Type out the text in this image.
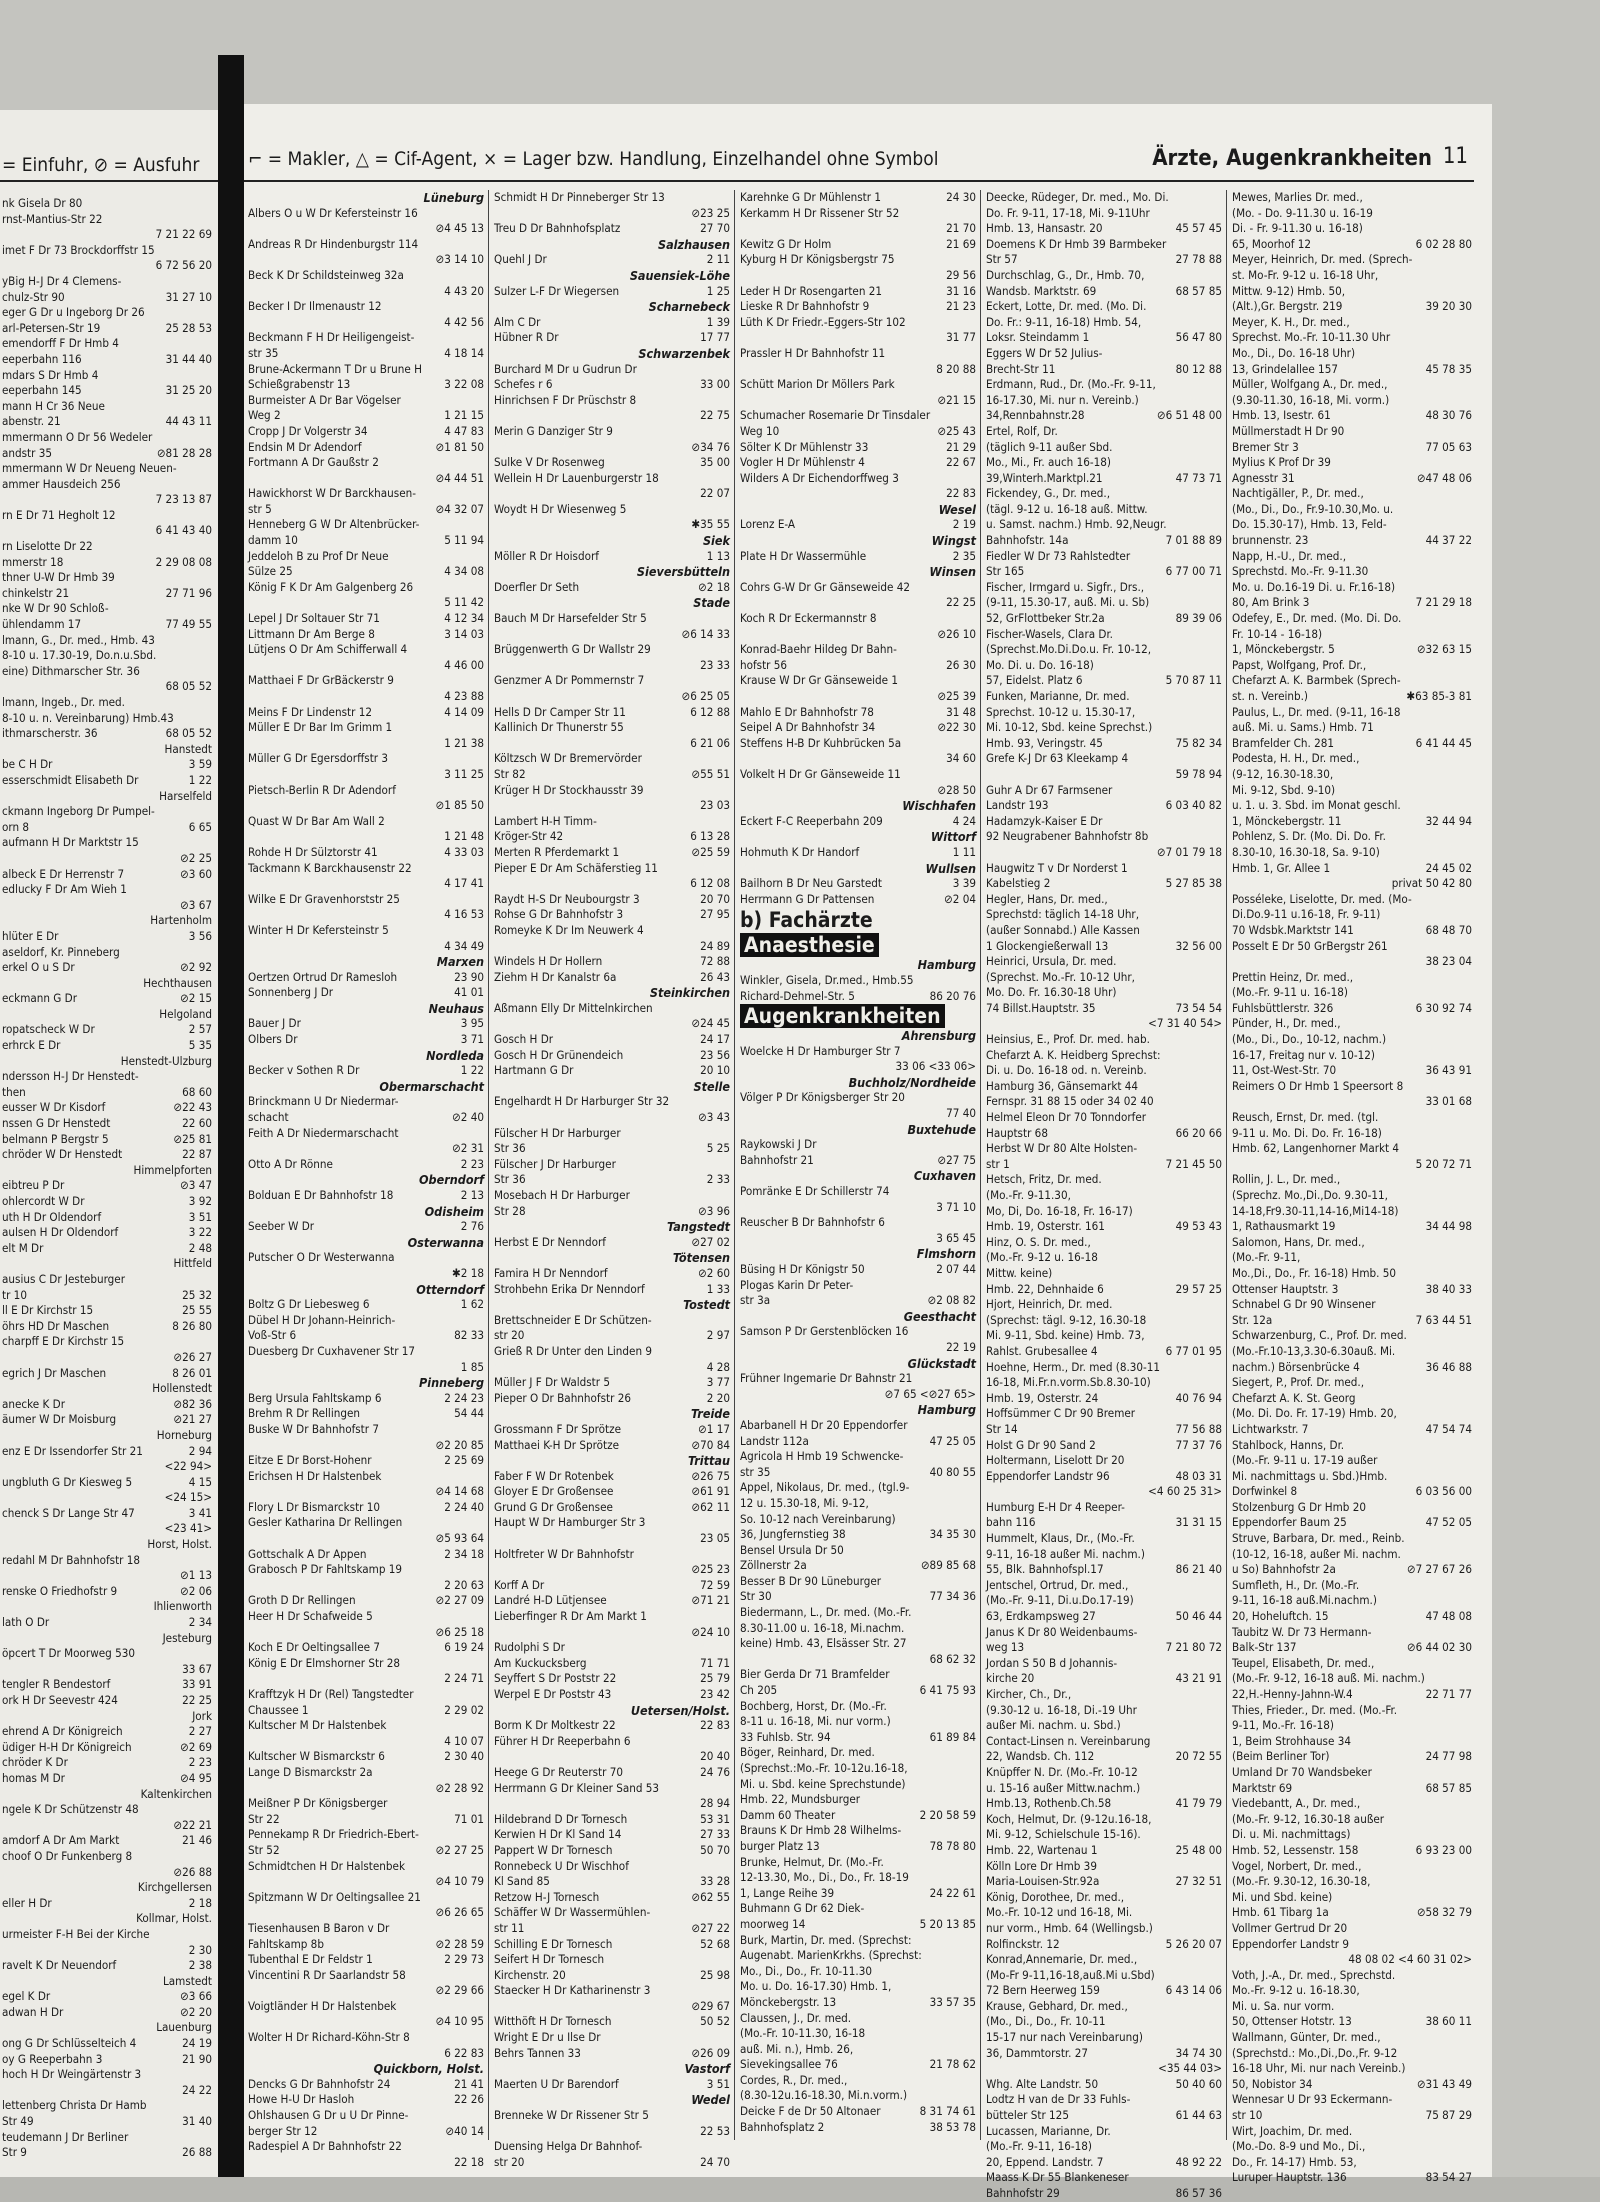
= Einfuhr, ⊘ = Ausfuhr
nk Gisela Dr 80
rnst-Mantius-Str 22
7 21 22 69
imet F Dr 73 Brockdorffstr 15
6 72 56 20
yBig H-J Dr 4 Clemens-
chulz-Str 90	31 27 10
eger G Dr u Ingeborg Dr 26
arl-Petersen-Str 19	25 28 53
emendorff F Dr Hmb 4
eeperbahn 116	31 44 40
mdars S Dr Hmb 4
eeperbahn 145	31 25 20
mann H Cr 36 Neue
abenstr. 21	44 43 11
mmermann O Dr 56 Wedeler
andstr 35	⊘81 28 28
mmermann W Dr Neueng Neuen-
ammer Hausdeich 256
7 23 13 87
rn E Dr 71 Hegholt 12
6 41 43 40
rn Liselotte Dr 22
mmerstr 18	2 29 08 08
thner U-W Dr Hmb 39
chinkelstr 21	27 71 96
nke W Dr 90 Schloß-
ühlendamm 17	77 49 55
lmann, G., Dr. med., Hmb. 43
8-10 u. 17.30-19, Do.n.u.Sbd.
eine) Dithmarscher Str. 36
68 05 52
lmann, Ingeb., Dr. med.
8-10 u. n. Vereinbarung) Hmb.43
ithmarscherstr. 36	68 05 52
Hanstedt
be C H Dr	3 59
esserschmidt Elisabeth Dr	1 22
Harselfeld
ckmann Ingeborg Dr Pumpel-
orn 8	6 65
aufmann H Dr Marktstr 15
⊘2 25
albeck E Dr Herrenstr 7	⊘3 60
edlucky F Dr Am Wieh 1
⊘3 67
Hartenholm
hlüter E Dr	3 56
aseldorf, Kr. Pinneberg
erkel O u S Dr	⊘2 92
Hechthausen
eckmann G Dr	⊘2 15
Helgoland
ropatscheck W Dr	2 57
erhrck E Dr	5 35
Henstedt-Ulzburg
ndersson H-J Dr Henstedt-
then	68 60
eusser W Dr Kisdorf	⊘22 43
nssen G Dr Henstedt	22 60
belmann P Bergstr 5	⊘25 81
chröder W Dr Henstedt	22 87
Himmelpforten
eibtreu P Dr	⊘3 47
ohlercordt W Dr	3 92
uth H Dr Oldendorf	3 51
aulsen H Dr Oldendorf	3 22
elt M Dr	2 48
Hittfeld
ausius C Dr Jesteburger
tr 10	25 32
ll E Dr Kirchstr 15	25 55
öhrs HD Dr Maschen	8 26 80
charpff E Dr Kirchstr 15
⊘26 27
egrich J Dr Maschen	8 26 01
Hollenstedt
anecke K Dr	⊘82 36
äumer W Dr Moisburg	⊘21 27
Horneburg
enz E Dr Issendorfer Str 21	2 94
<22 94>
ungbluth G Dr Kiesweg 5	4 15
<24 15>
chenck S Dr Lange Str 47	3 41
<23 41>
Horst, Holst.
redahl M Dr Bahnhofstr 18
⊘1 13
renske O Friedhofstr 9	⊘2 06
Ihlienworth
lath O Dr	2 34
Jesteburg
öpcert T Dr Moorweg 530
33 67
tengler R Bendestorf	33 91
ork H Dr Seevestr 424	22 25
Jork
ehrend A Dr Königreich	2 27
üdiger H-H Dr Königreich	⊘2 69
chröder K Dr	2 23
homas M Dr	⊘4 95
Kaltenkirchen
ngele K Dr Schützenstr 48
⊘22 21
amdorf A Dr Am Markt	21 46
choof O Dr Funkenberg 8
⊘26 88
Kirchgellersen
eller H Dr	2 18
Kollmar, Holst.
urmeister F-H Bei der Kirche
2 30
ravelt K Dr Neuendorf	2 38
Lamstedt
egel K Dr	⊘3 66
adwan H Dr	⊘2 20
Lauenburg
ong G Dr Schlüsselteich 4	24 19
oy G Reeperbahn 3	21 90
hoch H Dr Weingärtenstr 3
24 22
lettenberg Christa Dr Hamb
Str 49	31 40
teudemann J Dr Berliner
Str 9	26 88
⌐ = Makler, △ = Cif-Agent, × = Lager bzw. Handlung, Einzelhandel ohne Symbol	Ärzte, Augenkrankheiten 11
Lüneburg
Albers O u W Dr Kefersteinstr 16
⊘4 45 13
Andreas R Dr Hindenburgstr 114
⊘3 14 10
Beck K Dr Schildsteinweg 32a
4 43 20
Becker I Dr Ilmenaustr 12
4 42 56
Beckmann F H Dr Heiligengeist-
str 35	4 18 14
Brune-Ackermann T Dr u Brune H
Schießgrabenstr 13	3 22 08
Burmeister A Dr Bar Vögelser
Weg 2	1 21 15
Cropp J Dr Volgerstr 34	4 47 83
Endsin M Dr Adendorf	⊘1 81 50
Fortmann A Dr Gaußstr 2
⊘4 44 51
Hawickhorst W Dr Barckhausen-
str 5	⊘4 32 07
Henneberg G W Dr Altenbrücker-
damm 10	5 11 94
Jeddeloh B zu Prof Dr Neue
Sülze 25	4 34 08
König F K Dr Am Galgenberg 26
5 11 42
Lepel J Dr Soltauer Str 71	4 12 34
Littmann Dr Am Berge 8	3 14 03
Lütjens O Dr Am Schifferwall 4
4 46 00
Matthaei F Dr GrBäckerstr 9
4 23 88
Meins F Dr Lindenstr 12	4 14 09
Müller E Dr Bar Im Grimm 1
1 21 38
Müller G Dr Egersdorffstr 3
3 11 25
Pietsch-Berlin R Dr Adendorf
⊘1 85 50
Quast W Dr Bar Am Wall 2
1 21 48
Rohde H Dr Sülztorstr 41	4 33 03
Tackmann K Barckhausenstr 22
4 17 41
Wilke E Dr Gravenhorststr 25
4 16 53
Winter H Dr Kefersteinstr 5
4 34 49
Marxen
Oertzen Ortrud Dr Ramesloh	23 90
Sonnenberg J Dr	41 01
Neuhaus
Bauer J Dr	3 95
Olbers Dr	3 71
Nordleda
Becker v Sothen R Dr	1 22
Obermarschacht
Brinckmann U Dr Niedermar-
schacht	⊘2 40
Feith A Dr Niedermarschacht
⊘2 31
Otto A Dr Rönne	2 23
Oberndorf
Bolduan E Dr Bahnhofstr 18	2 13
Odisheim
Seeber W Dr	2 76
Osterwanna
Putscher O Dr Westerwanna
✱2 18
Otterndorf
Boltz G Dr Liebesweg 6	1 62
Dübel H Dr Johann-Heinrich-
Voß-Str 6	82 33
Duesberg Dr Cuxhavener Str 17
1 85
Pinneberg
Berg Ursula Fahltskamp 6	2 24 23
Brehm R Dr Rellingen	54 44
Buske W Dr Bahnhofstr 7
⊘2 20 85
Eitze E Dr Borst-Hohenr	2 25 69
Erichsen H Dr Halstenbek
⊘4 14 68
Flory L Dr Bismarckstr 10	2 24 40
Gesler Katharina Dr Rellingen
⊘5 93 64
Gottschalk A Dr Appen	2 34 18
Grabosch P Dr Fahltskamp 19
2 20 63
Groth D Dr Rellingen	⊘2 27 09
Heer H Dr Schafweide 5
⊘6 25 18
Koch E Dr Oeltingsallee 7	6 19 24
König E Dr Elmshorner Str 28
2 24 71
Krafftzyk H Dr (Rel) Tangstedter
Chaussee 1	2 29 02
Kultscher M Dr Halstenbek
4 10 07
Kultscher W Bismarckstr 6	2 30 40
Lange D Bismarckstr 2a
⊘2 28 92
Meißner P Dr Königsberger
Str 22	71 01
Pennekamp R Dr Friedrich-Ebert-
Str 52	⊘2 27 25
Schmidtchen H Dr Halstenbek
⊘4 10 79
Spitzmann W Dr Oeltingsallee 21
⊘6 26 65
Tiesenhausen B Baron v Dr
Fahltskamp 8b	⊘2 28 59
Tubenthal E Dr Feldstr 1	2 29 73
Vincentini R Dr Saarlandstr 58
⊘2 29 66
Voigtländer H Dr Halstenbek
⊘4 10 95
Wolter H Dr Richard-Köhn-Str 8
6 22 83
Quickborn, Holst.
Dencks G Dr Bahnhofstr 24	21 41
Howe H-U Dr Hasloh	22 26
Ohlshausen G Dr u U Dr Pinne-
berger Str 12	⊘40 14
Radespiel A Dr Bahnhofstr 22
22 18
Schmidt H Dr Pinneberger Str 13
⊘23 25
Treu D Dr Bahnhofsplatz	27 70
Salzhausen
Quehl J Dr	2 11
Sauensiek-Löhe
Sulzer L-F Dr Wiegersen	1 25
Scharnebeck
Alm C Dr	1 39
Hübner R Dr	17 77
Schwarzenbek
Burchard M Dr u Gudrun Dr
Schefes r 6	33 00
Hinrichsen F Dr Prüschstr 8
22 75
Merin G Danziger Str 9
⊘34 76
Sulke V Dr Rosenweg	35 00
Wellein H Dr Lauenburgerstr 18
22 07
Woydt H Dr Wiesenweg 5
✱35 55
Siek
Möller R Dr Hoisdorf	1 13
Sieversbütteln
Doerfler Dr Seth	⊘2 18
Stade
Bauch M Dr Harsefelder Str 5
⊘6 14 33
Brüggenwerth G Dr Wallstr 29
23 33
Genzmer A Dr Pommernstr 7
⊘6 25 05
Hells D Dr Camper Str 11	6 12 88
Kallinich Dr Thunerstr 55
6 21 06
Költzsch W Dr Bremervörder
Str 82	⊘55 51
Krüger H Dr Stockhausstr 39
23 03
Lambert H-H Timm-
Kröger-Str 42	6 13 28
Merten R Pferdemarkt 1	⊘25 59
Pieper E Dr Am Schäferstieg 11
6 12 08
Raydt H-S Dr Neubourgstr 3	20 70
Rohse G Dr Bahnhofstr 3	27 95
Romeyke K Dr Im Neuwerk 4
24 89
Windels H Dr Hollern	72 88
Ziehm H Dr Kanalstr 6a	26 43
Steinkirchen
Aßmann Elly Dr Mittelnkirchen
⊘24 45
Gosch H Dr	24 17
Gosch H Dr Grünendeich	23 56
Hartmann G Dr	20 10
Stelle
Engelhardt H Dr Harburger Str 32
⊘3 43
Fülscher H Dr Harburger
Str 36	5 25
Fülscher J Dr Harburger
Str 36	2 33
Mosebach H Dr Harburger
Str 28	⊘3 96
Tangstedt
Herbst E Dr Nenndorf	⊘27 02
Tötensen
Famira H Dr Nenndorf	⊘2 60
Strohbehn Erika Dr Nenndorf	1 33
Tostedt
Brettschneider E Dr Schützen-
str 20	2 97
Grieß R Dr Unter den Linden 9
4 28
Müller J F Dr Waldstr 5	3 77
Pieper O Dr Bahnhofstr 26	2 20
Treide
Grossmann F Dr Sprötze	⊘1 17
Matthaei K-H Dr Sprötze	⊘70 84
Trittau
Faber F W Dr Rotenbek	⊘26 75
Gloyer E Dr Großensee	⊘61 91
Grund G Dr Großensee	⊘62 11
Haupt W Dr Hamburger Str 3
23 05
Holtfreter W Dr Bahnhofstr
⊘25 23
Korff A Dr	72 59
Landré H-D Lütjensee	⊘71 21
Lieberfinger R Dr Am Markt 1
⊘24 10
Rudolphi S Dr
Am Kuckucksberg	71 71
Seyffert S Dr Poststr 22	25 79
Werpel E Dr Poststr 43	23 42
Uetersen/Holst.
Borm K Dr Moltkestr 22	22 83
Führer H Dr Reeperbahn 6
20 40
Heege G Dr Reuterstr 70	24 76
Herrmann G Dr Kleiner Sand 53
28 94
Hildebrand D Dr Tornesch	53 31
Kerwien H Dr Kl Sand 14	27 33
Pappert W Dr Tornesch	50 70
Ronnebeck U Dr Wischhof
Kl Sand 85	33 28
Retzow H-J Tornesch	⊘62 55
Schäffer W Dr Wassermühlen-
str 11	⊘27 22
Schilling E Dr Tornesch	52 68
Seifert H Dr Tornesch
Kirchenstr. 20	25 98
Staecker H Dr Katharinenstr 3
⊘29 67
Witthöft H Dr Tornesch	50 52
Wright E Dr u Ilse Dr
Behrs Tannen 33	⊘26 09
Vastorf
Maerten U Dr Barendorf	3 51
Wedel
Brenneke W Dr Rissener Str 5
22 53
Duensing Helga Dr Bahnhof-
str 20	24 70
Karehnke G Dr Mühlenstr 1	24 30
Kerkamm H Dr Rissener Str 52
21 70
Kewitz G Dr Holm	21 69
Kyburg H Dr Königsbergstr 75
29 56
Leder H Dr Rosengarten 21	31 16
Lieske R Dr Bahnhofstr 9	21 23
Lüth K Dr Friedr.-Eggers-Str 102
31 77
Prassler H Dr Bahnhofstr 11
8 20 88
Schütt Marion Dr Möllers Park
⊘21 15
Schumacher Rosemarie Dr Tinsdaler
Weg 10	⊘25 43
Sölter K Dr Mühlenstr 33	21 29
Vogler H Dr Mühlenstr 4	22 67
Wilders A Dr Eichendorffweg 3
22 83
Wesel
Lorenz E-A	2 19
Wingst
Plate H Dr Wassermühle	2 35
Winsen
Cohrs G-W Dr Gr Gänseweide 42
22 25
Koch R Dr Eckermannstr 8
⊘26 10
Konrad-Baehr Hildeg Dr Bahn-
hofstr 56	26 30
Krause W Dr Gr Gänseweide 1
⊘25 39
Mahlo E Dr Bahnhofstr 78	31 48
Seipel A Dr Bahnhofstr 34	⊘22 30
Steffens H-B Dr Kuhbrücken 5a
34 60
Volkelt H Dr Gr Gänseweide 11
⊘28 50
Wischhafen
Eckert F-C Reeperbahn 209	4 24
Wittorf
Hohmuth K Dr Handorf	1 11
Wullsen
Bailhorn B Dr Neu Garstedt	3 39
Herrmann G Dr Pattensen	⊘2 04
b) Fachärzte
Anaesthesie
Hamburg
Winkler, Gisela, Dr.med., Hmb.55
Richard-Dehmel-Str. 5	86 20 76
Augenkrankheiten
Ahrensburg
Woelcke H Dr Hamburger Str 7
33 06 <33 06>
Buchholz/Nordheide
Völger P Dr Königsberger Str 20
77 40
Buxtehude
Raykowski J Dr
Bahnhofstr 21	⊘27 75
Cuxhaven
Pomränke E Dr Schillerstr 74
3 71 10
Reuscher B Dr Bahnhofstr 6
3 65 45
Flmshorn
Büsing H Dr Königstr 50	2 07 44
Plogas Karin Dr Peter-
str 3a	⊘2 08 82
Geesthacht
Samson P Dr Gerstenblöcken 16
22 19
Glückstadt
Frühner Ingemarie Dr Bahnstr 21
⊘7 65 <⊘27 65>
Hamburg
Abarbanell H Dr 20 Eppendorfer
Landstr 112a	47 25 05
Agricola H Hmb 19 Schwencke-
str 35	40 80 55
Appel, Nikolaus, Dr. med., (tgl.9-
12 u. 15.30-18, Mi. 9-12,
So. 10-12 nach Vereinbarung)
36, Jungfernstieg 38	34 35 30
Bensel Ursula Dr 50
Zöllnerstr 2a	⊘89 85 68
Besser B Dr 90 Lüneburger
Str 30	77 34 36
Biedermann, L., Dr. med. (Mo.-Fr.
8.30-11.00 u. 16-18, Mi.nachm.
keine) Hmb. 43, Elsässer Str. 27
68 62 32
Bier Gerda Dr 71 Bramfelder
Ch 205	6 41 75 93
Bochberg, Horst, Dr. (Mo.-Fr.
8-11 u. 16-18, Mi. nur vorm.)
33 Fuhlsb. Str. 94	61 89 84
Böger, Reinhard, Dr. med.
(Sprechst.:Mo.-Fr. 10-12u.16-18,
Mi. u. Sbd. keine Sprechstunde)
Hmb. 22, Mundsburger
Damm 60 Theater	2 20 58 59
Brauns K Dr Hmb 28 Wilhelms-
burger Platz 13	78 78 80
Brunke, Helmut, Dr. (Mo.-Fr.
12-13.30, Mo., Di., Do., Fr. 18-19
1, Lange Reihe 39	24 22 61
Buhmann G Dr 62 Diek-
moorweg 14	5 20 13 85
Burk, Martin, Dr. med. (Sprechst:
Augenabt. MarienKrkhs. (Sprechst:
Mo., Di., Do., Fr. 10-11.30
Mo. u. Do. 16-17.30) Hmb. 1,
Mönckebergstr. 13	33 57 35
Claussen, J., Dr. med.
(Mo.-Fr. 10-11.30, 16-18
auß. Mi. n.), Hmb. 26,
Sievekingsallee 76	21 78 62
Cordes, R., Dr. med.,
(8.30-12u.16-18.30, Mi.n.vorm.)
Deicke F de Dr 50 Altonaer	8 31 74 61
Bahnhofsplatz 2	38 53 78
Deecke, Rüdeger, Dr. med., Mo. Di.
Do. Fr. 9-11, 17-18, Mi. 9-11Uhr
Hmb. 13, Hansastr. 20	45 57 45
Doemens K Dr Hmb 39 Barmbeker
Str 57	27 78 88
Durchschlag, G., Dr., Hmb. 70,
Wandsb. Marktstr. 69	68 57 85
Eckert, Lotte, Dr. med. (Mo. Di.
Do. Fr.: 9-11, 16-18) Hmb. 54,
Loksr. Steindamm 1	56 47 80
Eggers W Dr 52 Julius-
Brecht-Str 11	80 12 88
Erdmann, Rud., Dr. (Mo.-Fr. 9-11,
16-17.30, Mi. nur n. Vereinb.)
34,Rennbahnstr.28	⊘6 51 48 00
Ertel, Rolf, Dr.
(täglich 9-11 außer Sbd.
Mo., Mi., Fr. auch 16-18)
39,Winterh.Marktpl.21	47 73 71
Fickendey, G., Dr. med.,
(tägl. 9-12 u. 16-18 auß. Mittw.
u. Samst. nachm.) Hmb. 92,Neugr.
Bahnhofstr. 14a	7 01 88 89
Fiedler W Dr 73 Rahlstedter
Str 165	6 77 00 71
Fischer, Irmgard u. Sigfr., Drs.,
(9-11, 15.30-17, auß. Mi. u. Sb)
52, GrFlottbeker Str.2a	89 39 06
Fischer-Wasels, Clara Dr.
(Sprechst.Mo.Di.Do.u. Fr. 10-12,
Mo. Di. u. Do. 16-18)
57, Eidelst. Platz 6	5 70 87 11
Funken, Marianne, Dr. med.
Sprechst. 10-12 u. 15.30-17,
Mi. 10-12, Sbd. keine Sprechst.)
Hmb. 93, Veringstr. 45	75 82 34
Grefe K-J Dr 63 Kleekamp 4
59 78 94
Guhr A Dr 67 Farmsener
Landstr 193	6 03 40 82
Hadamzyk-Kaiser E Dr
92 Neugrabener Bahnhofstr 8b
⊘7 01 79 18
Haugwitz T v Dr Norderst 1
Kabelstieg 2	5 27 85 38
Hegler, Hans, Dr. med.,
Sprechstd: täglich 14-18 Uhr,
(außer Sonnabd.) Alle Kassen
1 Glockengießerwall 13	32 56 00
Heinrici, Ursula, Dr. med.
(Sprechst. Mo.-Fr. 10-12 Uhr,
Mo. Do. Fr. 16.30-18 Uhr)
74 Billst.Hauptstr. 35	73 54 54
<7 31 40 54>
Heinsius, E., Prof. Dr. med. hab.
Chefarzt A. K. Heidberg Sprechst:
Di. u. Do. 16-18 od. n. Vereinb.
Hamburg 36, Gänsemarkt 44
Fernspr. 31 88 15 oder 34 02 40
Helmel Eleon Dr 70 Tonndorfer
Hauptstr 68	66 20 66
Herbst W Dr 80 Alte Holsten-
str 1	7 21 45 50
Hetsch, Fritz, Dr. med.
(Mo.-Fr. 9-11.30,
Mo, Di, Do. 16-18, Fr. 16-17)
Hmb. 19, Osterstr. 161	49 53 43
Hinz, O. S. Dr. med.,
(Mo.-Fr. 9-12 u. 16-18
Mittw. keine)
Hmb. 22, Dehnhaide 6	29 57 25
Hjort, Heinrich, Dr. med.
(Sprechst: tägl. 9-12, 16.30-18
Mi. 9-11, Sbd. keine) Hmb. 73,
Rahlst. Grubesallee 4	6 77 01 95
Hoehne, Herm., Dr. med (8.30-11
16-18, Mi.Fr.n.vorm.Sb.8.30-10)
Hmb. 19, Osterstr. 24	40 76 94
Hoffsümmer C Dr 90 Bremer
Str 14	77 56 88
Holst G Dr 90 Sand 2	77 37 76
Holtermann, Liselott Dr 20
Eppendorfer Landstr 96	48 03 31
<4 60 25 31>
Humburg E-H Dr 4 Reeper-
bahn 116	31 31 15
Hummelt, Klaus, Dr., (Mo.-Fr.
9-11, 16-18 außer Mi. nachm.)
55, Blk. Bahnhofspl.17	86 21 40
Jentschel, Ortrud, Dr. med.,
(Mo.-Fr. 9-11, Di.u.Do.17-19)
63, Erdkampsweg 27	50 46 44
Janus K Dr 80 Weidenbaums-
weg 13	7 21 80 72
Jordan S 50 B d Johannis-
kirche 20	43 21 91
Kircher, Ch., Dr.,
(9.30-12 u. 16-18, Di.-19 Uhr
außer Mi. nachm. u. Sbd.)
Contact-Linsen n. Vereinbarung
22, Wandsb. Ch. 112	20 72 55
Knüpffer N. Dr. (Mo.-Fr. 10-12
u. 15-16 außer Mittw.nachm.)
Hmb.13, Rothenb.Ch.58	41 79 79
Koch, Helmut, Dr. (9-12u.16-18,
Mi. 9-12, Schielschule 15-16).
Hmb. 22, Wartenau 1	25 48 00
Kölln Lore Dr Hmb 39
Maria-Louisen-Str.92a	27 32 51
König, Dorothee, Dr. med.,
Mo.-Fr. 10-12 und 16-18, Mi.
nur vorm., Hmb. 64 (Wellingsb.)
Rolfinckstr. 12	5 26 20 07
Konrad,Annemarie, Dr. med.,
(Mo-Fr 9-11,16-18,auß.Mi u.Sbd)
72 Bern Heerweg 159	6 43 14 06
Krause, Gebhard, Dr. med.,
(Mo., Di., Do., Fr. 10-11
15-17 nur nach Vereinbarung)
36, Dammtorstr. 27	34 74 30
<35 44 03>
Whg. Alte Landstr. 50	50 40 60
Lodtz H van de Dr 33 Fuhls-
bütteler Str 125	61 44 63
Lucassen, Marianne, Dr.
(Mo.-Fr. 9-11, 16-18)
20, Eppend. Landstr. 7	48 92 22
Maass K Dr 55 Blankeneser
Bahnhofstr 29	86 57 36
Mewes, Marlies Dr. med.,
(Mo. - Do. 9-11.30 u. 16-19
Di. - Fr. 9-11.30 u. 16-18)
65, Moorhof 12	6 02 28 80
Meyer, Heinrich, Dr. med. (Sprech-
st. Mo-Fr. 9-12 u. 16-18 Uhr,
Mittw. 9-12) Hmb. 50,
(Alt.),Gr. Bergstr. 219	39 20 30
Meyer, K. H., Dr. med.,
Sprechst. Mo.-Fr. 10-11.30 Uhr
Mo., Di., Do. 16-18 Uhr)
13, Grindelallee 157	45 78 35
Müller, Wolfgang A., Dr. med.,
(9.30-11.30, 16-18, Mi. vorm.)
Hmb. 13, Isestr. 61	48 30 76
Müllmerstadt H Dr 90
Bremer Str 3	77 05 63
Mylius K Prof Dr 39
Agnesstr 31	⊘47 48 06
Nachtigäller, P., Dr. med.,
(Mo., Di., Do., Fr.9-10.30,Mo. u.
Do. 15.30-17), Hmb. 13, Feld-
brunnenstr. 23	44 37 22
Napp, H.-U., Dr. med.,
Sprechstd. Mo.-Fr. 9-11.30
Mo. u. Do.16-19 Di. u. Fr.16-18)
80, Am Brink 3	7 21 29 18
Odefey, E., Dr. med. (Mo. Di. Do.
Fr. 10-14 - 16-18)
1, Mönckebergstr. 5	⊘32 63 15
Papst, Wolfgang, Prof. Dr.,
Chefarzt A. K. Barmbek (Sprech-
st. n. Vereinb.)	✱63 85-3 81
Paulus, L., Dr. med. (9-11, 16-18
auß. Mi. u. Sams.) Hmb. 71
Bramfelder Ch. 281	6 41 44 45
Podesta, H. H., Dr. med.,
(9-12, 16.30-18.30,
Mi. 9-12, Sbd. 9-10)
u. 1. u. 3. Sbd. im Monat geschl.
1, Mönckebergstr. 11	32 44 94
Pohlenz, S. Dr. (Mo. Di. Do. Fr.
8.30-10, 16.30-18, Sa. 9-10)
Hmb. 1, Gr. Allee 1	24 45 02
privat 50 42 80
Posséleke, Liselotte, Dr. med. (Mo-
Di.Do.9-11 u.16-18, Fr. 9-11)
70 Wdsbk.Marktstr 141	68 48 70
Posselt E Dr 50 GrBergstr 261
38 23 04
Prettin Heinz, Dr. med.,
(Mo.-Fr. 9-11 u. 16-18)
Fuhlsbüttlerstr. 326	6 30 92 74
Pünder, H., Dr. med.,
(Mo., Di., Do., 10-12, nachm.)
16-17, Freitag nur v. 10-12)
11, Ost-West-Str. 70	36 43 91
Reimers O Dr Hmb 1 Speersort 8
33 01 68
Reusch, Ernst, Dr. med. (tgl.
9-11 u. Mo. Di. Do. Fr. 16-18)
Hmb. 62, Langenhorner Markt 4
5 20 72 71
Rollin, J. L., Dr. med.,
(Sprechz. Mo.,Di.,Do. 9.30-11,
14-18,Fr9.30-11,14-16,Mi14-18)
1, Rathausmarkt 19	34 44 98
Salomon, Hans, Dr. med.,
(Mo.-Fr. 9-11,
Mo.,Di., Do., Fr. 16-18) Hmb. 50
Ottenser Hauptstr. 3	38 40 33
Schnabel G Dr 90 Winsener
Str. 12a	7 63 44 51
Schwarzenburg, C., Prof. Dr. med.
(Mo.-Fr.10-13,3.30-6.30auß. Mi.
nachm.) Börsenbrücke 4	36 46 88
Siegert, P., Prof. Dr. med.,
Chefarzt A. K. St. Georg
(Mo. Di. Do. Fr. 17-19) Hmb. 20,
Lichtwarkstr. 7	47 54 74
Stahlbock, Hanns, Dr.
(Mo.-Fr. 9-11 u. 17-19 außer
Mi. nachmittags u. Sbd.)Hmb.
Dorfwinkel 8	6 03 56 00
Stolzenburg G Dr Hmb 20
Eppendorfer Baum 25	47 52 05
Struve, Barbara, Dr. med., Reinb.
(10-12, 16-18, außer Mi. nachm.
u So) Bahnhofstr 2a	⊘7 27 67 26
Sumfleth, H., Dr. (Mo.-Fr.
9-11, 16-18 auß.Mi.nachm.)
20, Hoheluftch. 15	47 48 08
Taubitz W. Dr 73 Hermann-
Balk-Str 137	⊘6 44 02 30
Teupel, Elisabeth, Dr. med.,
(Mo.-Fr. 9-12, 16-18 auß. Mi. nachm.)
22,H.-Henny-Jahnn-W.4	22 71 77
Thies, Frieder., Dr. med. (Mo.-Fr.
9-11, Mo.-Fr. 16-18)
1, Beim Strohhause 34
(Beim Berliner Tor)	24 77 98
Umland Dr 70 Wandsbeker
Marktstr 69	68 57 85
Viedebantt, A., Dr. med.,
(Mo.-Fr. 9-12, 16.30-18 außer
Di. u. Mi. nachmittags)
Hmb. 52, Lessenstr. 158	6 93 23 00
Vogel, Norbert, Dr. med.,
(Mo.-Fr. 9.30-12, 16.30-18,
Mi. und Sbd. keine)
Hmb. 61 Tibarg 1a	⊘58 32 79
Vollmer Gertrud Dr 20
Eppendorfer Landstr 9
48 08 02 <4 60 31 02>
Voth, J.-A., Dr. med., Sprechstd.
Mo.-Fr. 9-12 u. 16-18.30,
Mi. u. Sa. nur vorm.
50, Ottenser Hotstr. 13	38 60 11
Wallmann, Günter, Dr. med.,
(Sprechstd.: Mo.,Di.,Do.,Fr. 9-12
16-18 Uhr, Mi. nur nach Vereinb.)
50, Nobistor 34	⊘31 43 49
Wennesar U Dr 93 Eckermann-
str 10	75 87 29
Wirt, Joachim, Dr. med.
(Mo.-Do. 8-9 und Mo., Di.,
Do., Fr. 14-17) Hmb. 53,
Luruper Hauptstr. 136	83 54 27
